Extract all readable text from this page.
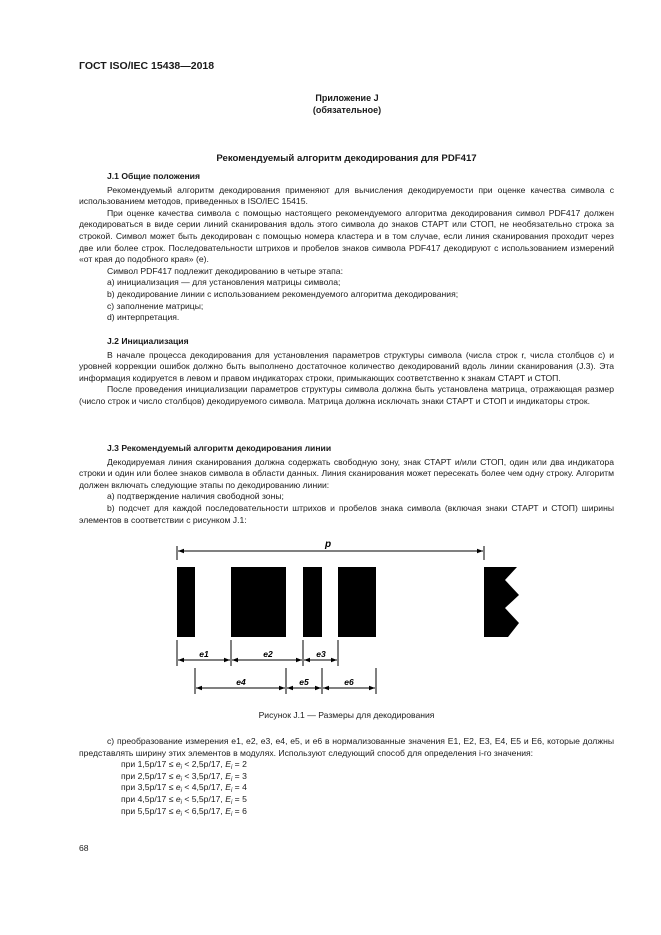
ГОСТ ISO/IEC 15438—2018
Приложение J
(обязательное)
Рекомендуемый алгоритм декодирования для PDF417
J.1 Общие положения

Рекомендуемый алгоритм декодирования применяют для вычисления декодируемости при оценке качества символа с использованием методов, приведенных в ISO/IEC 15415.

При оценке качества символа с помощью настоящего рекомендуемого алгоритма декодирования символ PDF417 должен декодироваться в виде серии линий сканирования вдоль этого символа до знаков СТАРТ или СТОП, не необязательно строка за строкой. Символ может быть декодирован с помощью номера кластера и в том случае, если линия сканирования проходит через две или более строк. Последовательности штрихов и пробелов знаков символа PDF417 декодируют с использованием измерений «от края до подобного края» (e).

Символ PDF417 подлежит декодированию в четыре этапа:

а) инициализация — для установления матрицы символа;

b) декодирование линии с использованием рекомендуемого алгоритма декодирования;

c) заполнение матрицы;

d) интерпретация.

J.2 Инициализация

В начале процесса декодирования для установления параметров структуры символа (числа строк r, числа столбцов c) и уровней коррекции ошибок должно быть выполнено достаточное количество декодирований вдоль линии сканирования (J.3). Эта информация кодируется в левом и правом индикаторах строки, примыкающих соответственно к знакам СТАРТ и СТОП.

После проведения инициализации параметров структуры символа должна быть установлена матрица, отражающая размер (число строк и число столбцов) декодируемого символа. Матрица должна исключать знаки СТАРТ и СТОП и индикаторы строк.

J.3 Рекомендуемый алгоритм декодирования линии

Декодируемая линия сканирования должна содержать свободную зону, знак СТАРТ и/или СТОП, один или два индикатора строки и один или более знаков символа в области данных. Линия сканирования может пересекать более чем одну строку. Алгоритм должен включать следующие этапы по декодированию линии:

а) подтверждение наличия свободной зоны;

b) подсчет для каждой последовательности штрихов и пробелов знака символа (включая знаки СТАРТ и СТОП) ширины элементов в соответствии с рисунком J.1:

p
e1	e2	e3
e4	e5	e6
Рисунок J.1 — Размеры для декодирования

c) преобразование измерения e1, e2, e3, e4, e5, и e6 в нормализованные значения E1, E2, E3, E4, E5 и E6, которые должны представлять ширину этих элементов в модулях. Используют следующий способ для определения i-го значения:

при $1,5p/17 \le e_i < 2,5p/17$, $E_i = 2$
при $2,5p/17 \le e_i < 3,5p/17$, $E_i = 3$
при $3,5p/17 \le e_i < 4,5p/17$, $E_i = 4$
при $4,5p/17 \le e_i < 5,5p/17$, $E_i = 5$
при $5,5p/17 \le e_i < 6,5p/17$, $E_i = 6$
68
